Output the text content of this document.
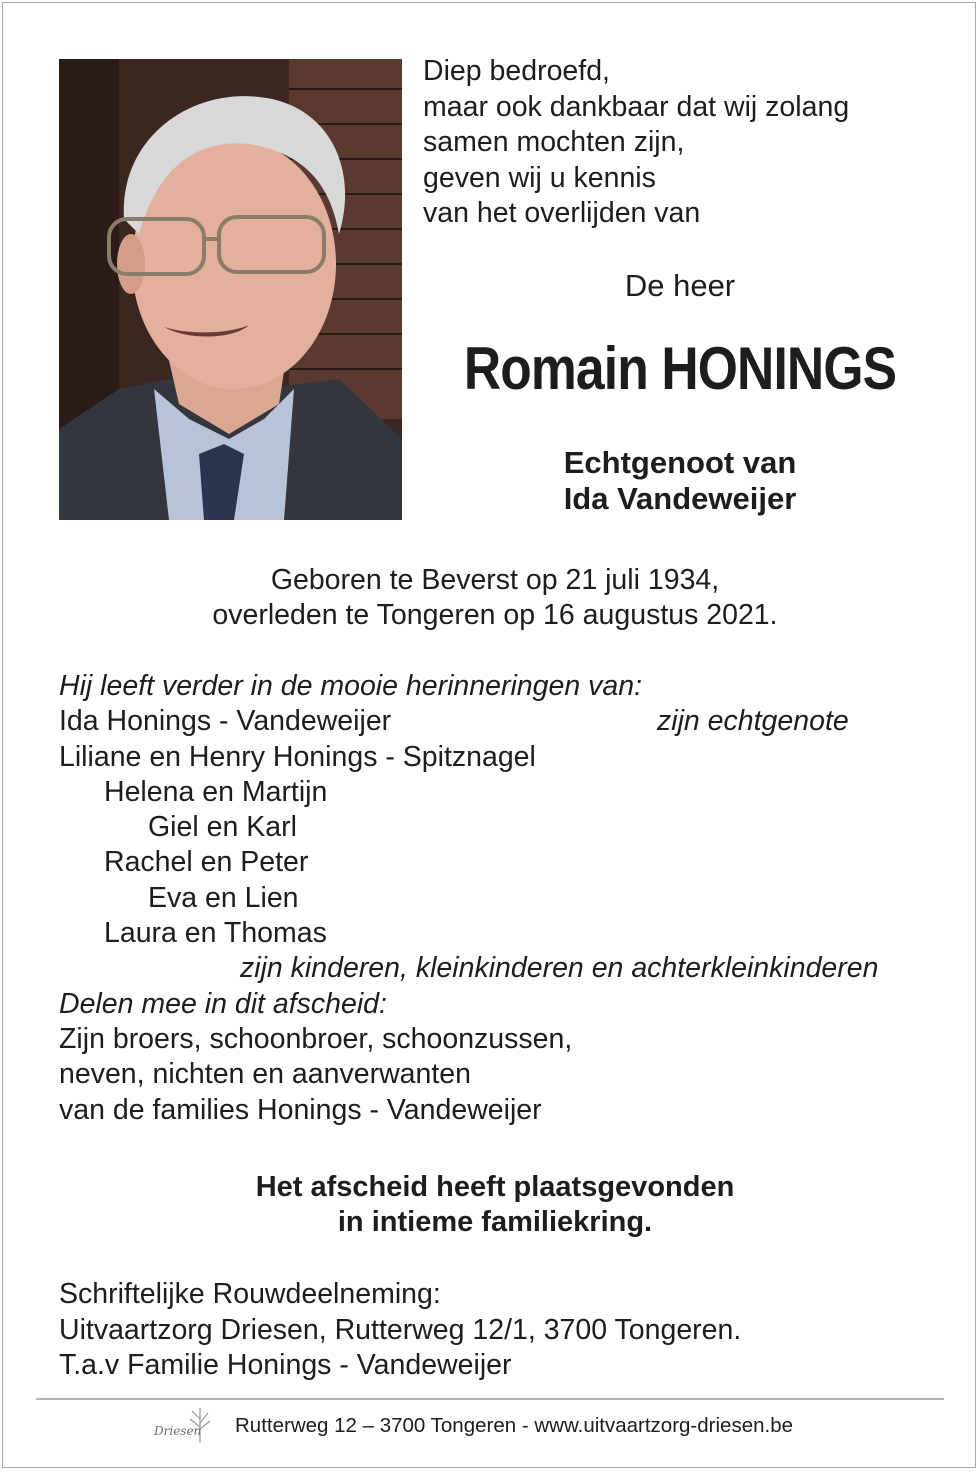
Diep bedroefd,
maar ook dankbaar dat wij zolang
samen mochten zijn,
geven wij u kennis
van het overlijden van
De heer
Romain HONINGS
Echtgenoot van
Ida Vandeweijer
Geboren te Beverst op 21 juli 1934,
overleden te Tongeren op 16 augustus 2021.
Hij leeft verder in de mooie herinneringen van:
Ida Honings - Vandeweijer	zijn echtgenote
Liliane en Henry Honings - Spitznagel
Helena en Martijn
Giel en Karl
Rachel en Peter
Eva en Lien
Laura en Thomas
zijn kinderen, kleinkinderen en achterkleinkinderen
Delen mee in dit afscheid:
Zijn broers, schoonbroer, schoonzussen,
neven, nichten en aanverwanten
van de families Honings - Vandeweijer
Het afscheid heeft plaatsgevonden
in intieme familiekring.
Schriftelijke Rouwdeelneming:
Uitvaartzorg Driesen, Rutterweg 12/1, 3700 Tongeren.
T.a.v Familie Honings - Vandeweijer
Driesen Rutterweg 12 – 3700 Tongeren - www.uitvaartzorg-driesen.be
